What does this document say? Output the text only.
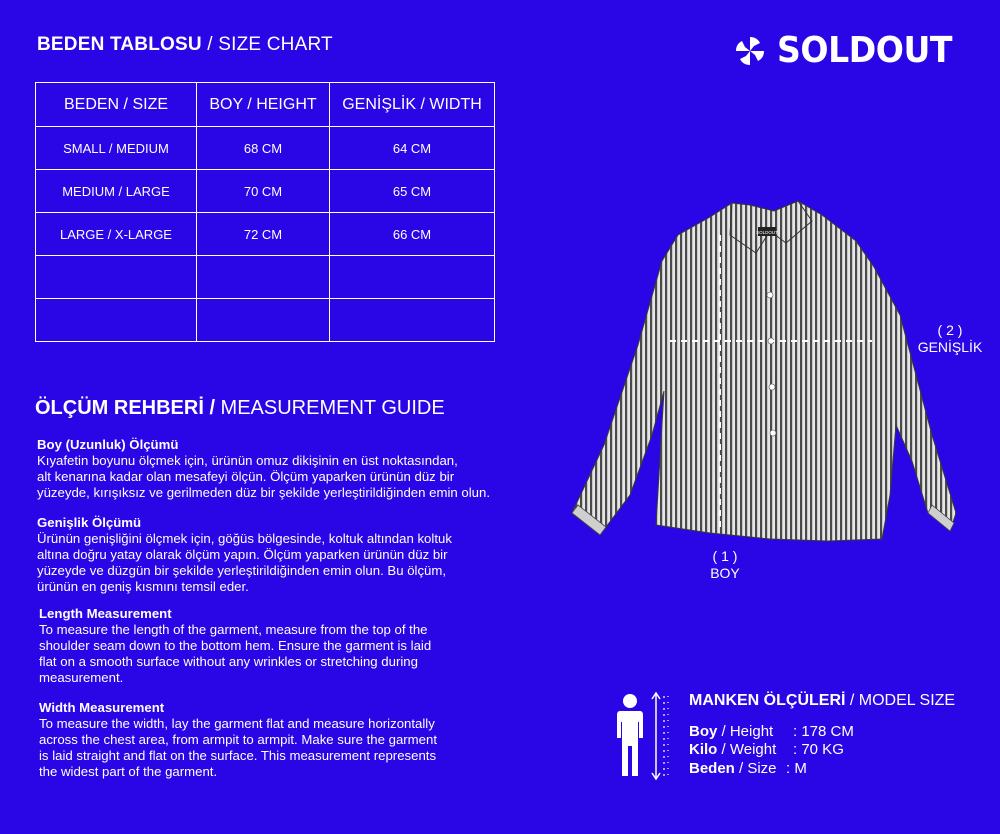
BEDEN TABLOSU / SIZE CHART	SOLDOUT
BEDEN / SIZE	BOY / HEIGHT	GENİŞLİK / WIDTH
SMALL / MEDIUM	68 CM	64 CM
MEDIUM / LARGE	70 CM	65 CM
LARGE / X-LARGE	72 CM	66 CM

ÖLÇÜM REHBERİ / MEASUREMENT GUIDE
Boy (Uzunluk) Ölçümü
Kıyafetin boyunu ölçmek için, ürünün omuz dikişinin en üst noktasından,
alt kenarına kadar olan mesafeyi ölçün. Ölçüm yaparken ürünün düz bir
yüzeyde, kırışıksız ve gerilmeden düz bir şekilde yerleştirildiğinden emin olun.
Genişlik Ölçümü
Ürünün genişliğini ölçmek için, göğüs bölgesinde, koltuk altından koltuk
altına doğru yatay olarak ölçüm yapın. Ölçüm yaparken ürünün düz bir
yüzeyde ve düzgün bir şekilde yerleştirildiğinden emin olun. Bu ölçüm,
ürünün en geniş kısmını temsil eder.
Length Measurement
To measure the length of the garment, measure from the top of the
shoulder seam down to the bottom hem. Ensure the garment is laid
flat on a smooth surface without any wrinkles or stretching during
measurement.
Width Measurement
To measure the width, lay the garment flat and measure horizontally
across the chest area, from armpit to armpit. Make sure the garment
is laid straight and flat on the surface. This measurement represents
the widest part of the garment.
SOLDOUT
( 2 )
GENİŞLİK
( 1 )
BOY
MANKEN ÖLÇÜLERİ / MODEL SIZE
Boy / Height : 178 CM
Kilo / Weight : 70 KG
Beden / Size : M
